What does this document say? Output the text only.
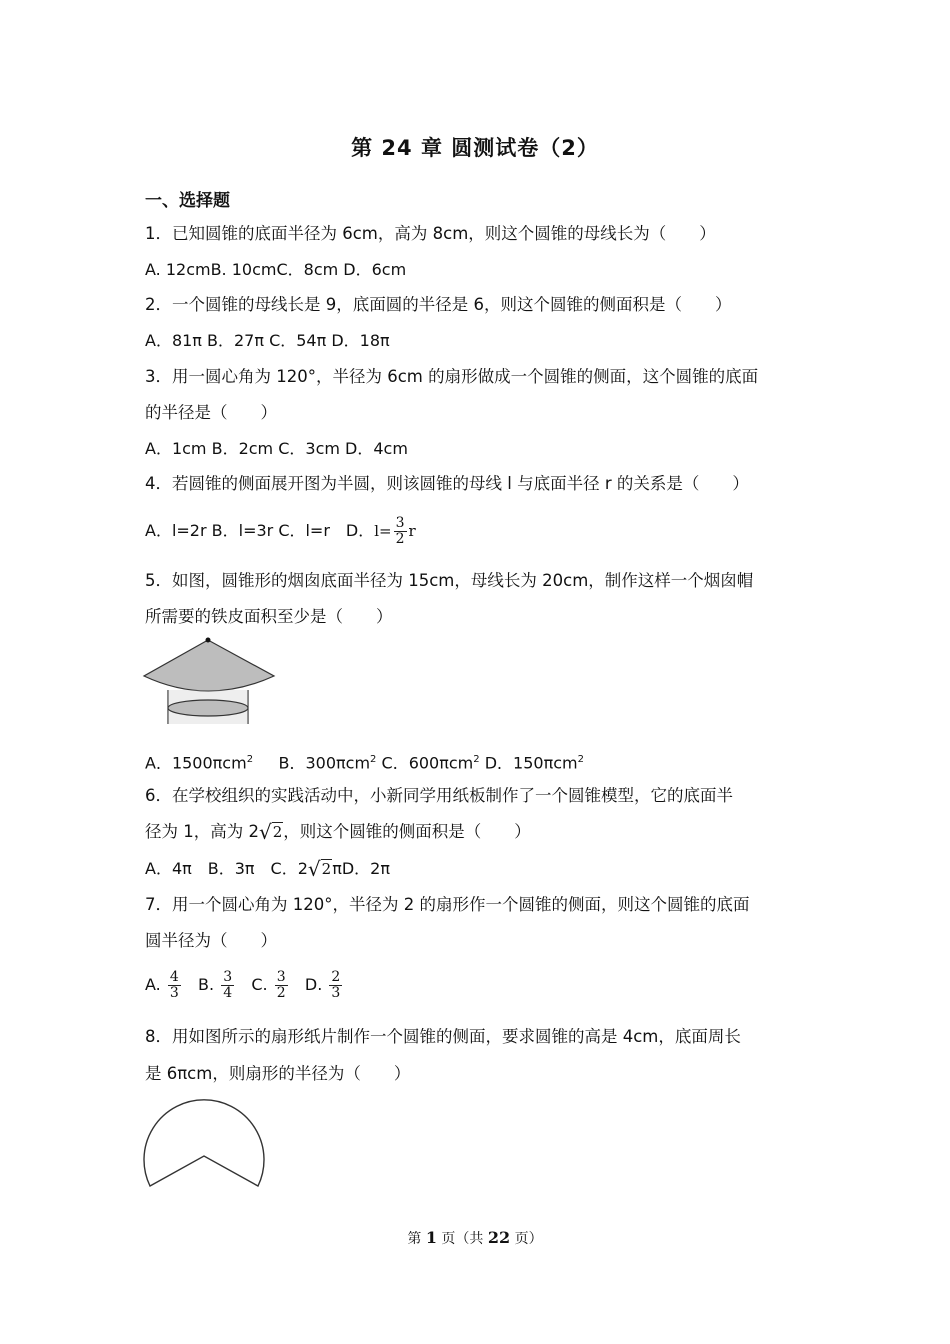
第 24 章 圆测试卷（2）
一、选择题
1．已知圆锥的底面半径为 6cm，高为 8cm，则这个圆锥的母线长为（　　）
A. 12cmB. 10cmC．8cm D．6cm
2．一个圆锥的母线长是 9，底面圆的半径是 6，则这个圆锥的侧面积是（　　）
A．81π B．27π C．54π D．18π
3．用一圆心角为 120°，半径为 6cm 的扇形做成一个圆锥的侧面，这个圆锥的底面
的半径是（　　）
A．1cm B．2cm C．3cm D．4cm
4．若圆锥的侧面展开图为半圆，则该圆锥的母线 l 与底面半径 r 的关系是（　　）
A．l=2r B．l=3r C．l=r　D．$l= \frac{3}{2}$ r
5．如图，圆锥形的烟囱底面半径为 15cm，母线长为 20cm，制作这样一个烟囱帽
所需要的铁皮面积至少是（　　）
A．1500πcm$^2$ B．300πcm$^2$ C．600πcm$^2$ D．150πcm$^2$
6．在学校组织的实践活动中，小新同学用纸板制作了一个圆锥模型，它的底面半
径为 1，高为 2√2，则这个圆锥的侧面积是（　　）
A．4π　B．3π　C．2√2πD．2π
7．用一个圆心角为 120°，半径为 2 的扇形作一个圆锥的侧面，则这个圆锥的底面
圆半径为（　　）
A. $\frac{4}{3} B$. $\frac{3}{4} C$. $\frac{3}{2} D$. $\frac{2}{3}$
8．用如图所示的扇形纸片制作一个圆锥的侧面，要求圆锥的高是 4cm，底面周长
是 6πcm，则扇形的半径为（　　）
第 1 页（共 22 页）
